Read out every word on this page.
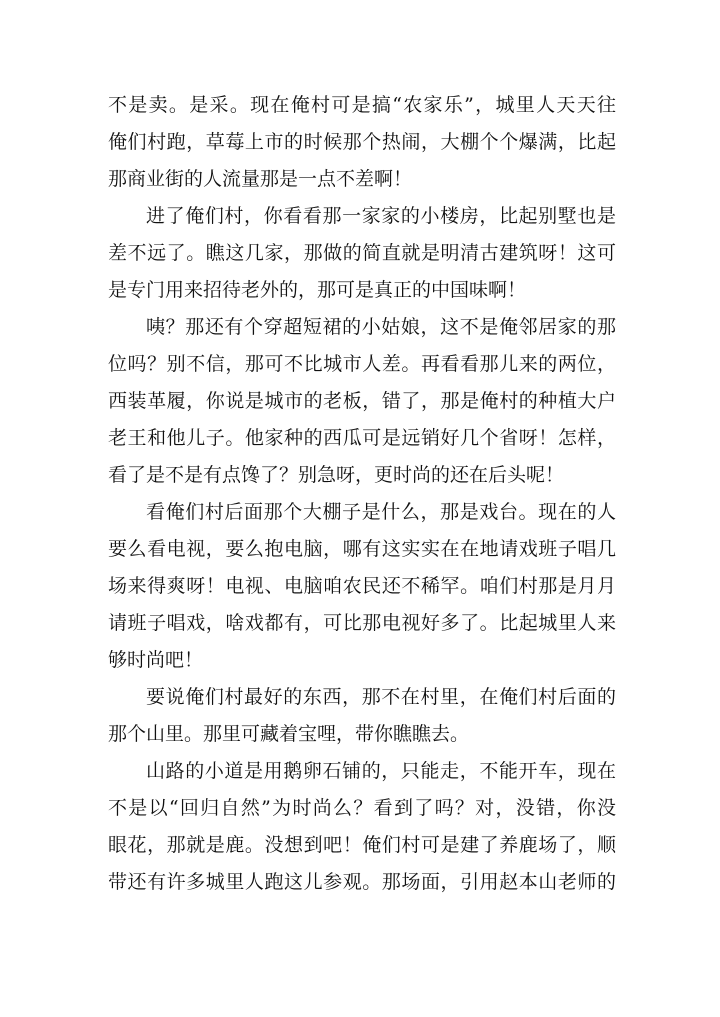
不是卖。是采。现在俺村可是搞“农家乐”，城里人天天往
俺们村跑，草莓上市的时候那个热闹，大棚个个爆满，比起
那商业街的人流量那是一点不差啊！
进了俺们村，你看看那一家家的小楼房，比起别墅也是
差不远了。瞧这几家，那做的简直就是明清古建筑呀！这可
是专门用来招待老外的，那可是真正的中国味啊！
咦？那还有个穿超短裙的小姑娘，这不是俺邻居家的那
位吗？别不信，那可不比城市人差。再看看那儿来的两位，
西装革履，你说是城市的老板，错了，那是俺村的种植大户
老王和他儿子。他家种的西瓜可是远销好几个省呀！怎样，
看了是不是有点馋了？别急呀，更时尚的还在后头呢！
看俺们村后面那个大棚子是什么，那是戏台。现在的人
要么看电视，要么抱电脑，哪有这实实在在地请戏班子唱几
场来得爽呀！电视、电脑咱农民还不稀罕。咱们村那是月月
请班子唱戏，啥戏都有，可比那电视好多了。比起城里人来
够时尚吧！
要说俺们村最好的东西，那不在村里，在俺们村后面的
那个山里。那里可藏着宝哩，带你瞧瞧去。
山路的小道是用鹅卵石铺的，只能走，不能开车，现在
不是以“回归自然”为时尚么？看到了吗？对，没错，你没
眼花，那就是鹿。没想到吧！俺们村可是建了养鹿场了，顺
带还有许多城里人跑这儿参观。那场面，引用赵本山老师的
